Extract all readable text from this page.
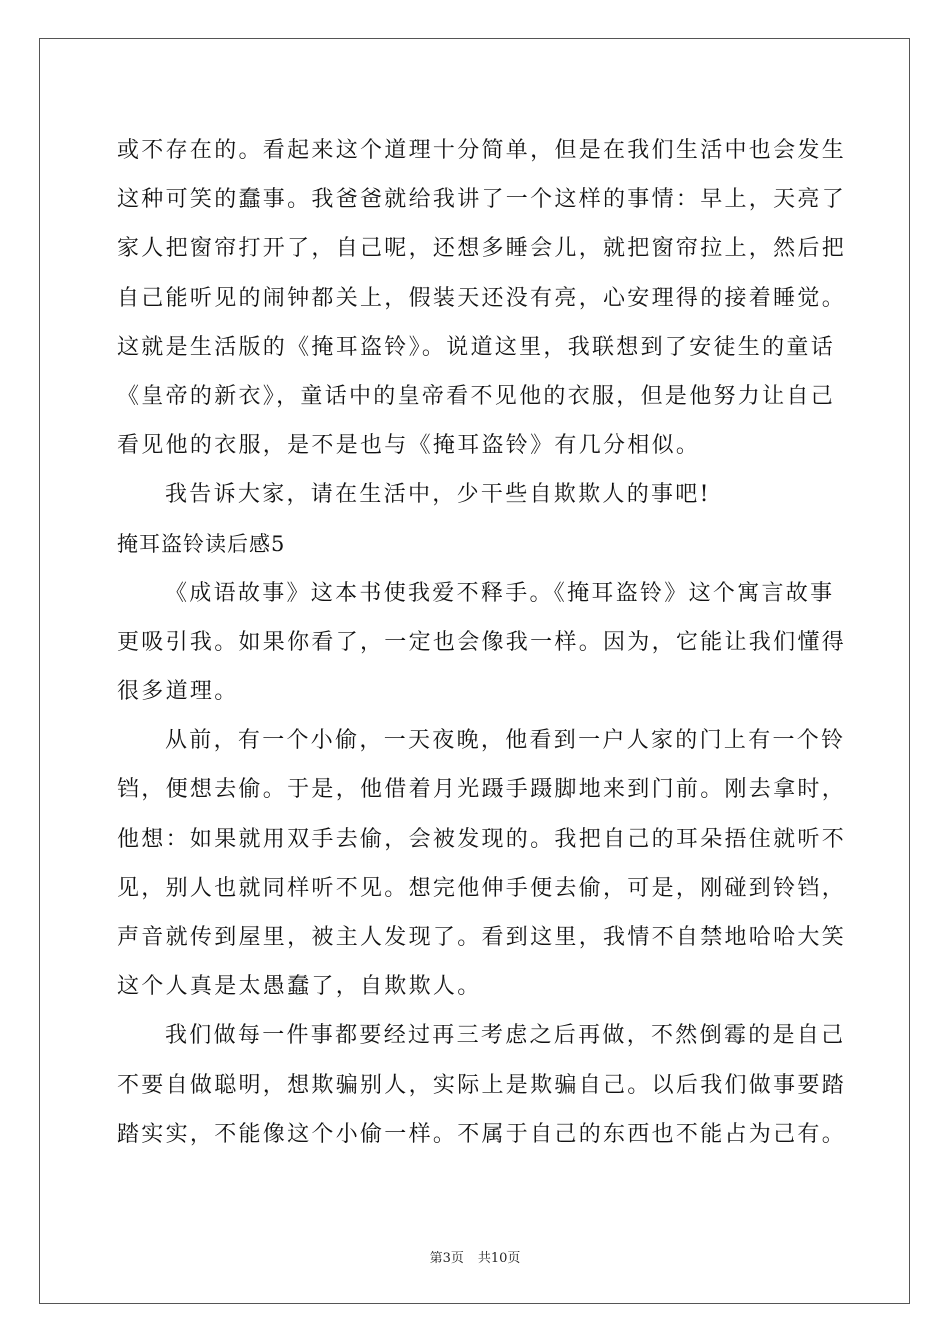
或不存在的。看起来这个道理十分简单，但是在我们生活中也会发生
这种可笑的蠢事。我爸爸就给我讲了一个这样的事情：早上，天亮了
家人把窗帘打开了，自己呢，还想多睡会儿，就把窗帘拉上，然后把
自己能听见的闹钟都关上，假装天还没有亮，心安理得的接着睡觉。
这就是生活版的《掩耳盗铃》。说道这里，我联想到了安徒生的童话
《皇帝的新衣》，童话中的皇帝看不见他的衣服，但是他努力让自己
看见他的衣服，是不是也与《掩耳盗铃》有几分相似。
我告诉大家，请在生活中，少干些自欺欺人的事吧!
掩耳盗铃读后感5
《成语故事》这本书使我爱不释手。《掩耳盗铃》这个寓言故事
更吸引我。如果你看了，一定也会像我一样。因为，它能让我们懂得
很多道理。
从前，有一个小偷，一天夜晚，他看到一户人家的门上有一个铃
铛，便想去偷。于是，他借着月光蹑手蹑脚地来到门前。刚去拿时，
他想：如果就用双手去偷，会被发现的。我把自己的耳朵捂住就听不
见，别人也就同样听不见。想完他伸手便去偷，可是，刚碰到铃铛，
声音就传到屋里，被主人发现了。看到这里，我情不自禁地哈哈大笑
这个人真是太愚蠢了，自欺欺人。
我们做每一件事都要经过再三考虑之后再做，不然倒霉的是自己
不要自做聪明，想欺骗别人，实际上是欺骗自己。以后我们做事要踏
踏实实，不能像这个小偷一样。不属于自己的东西也不能占为己有。
第3页 共10页
